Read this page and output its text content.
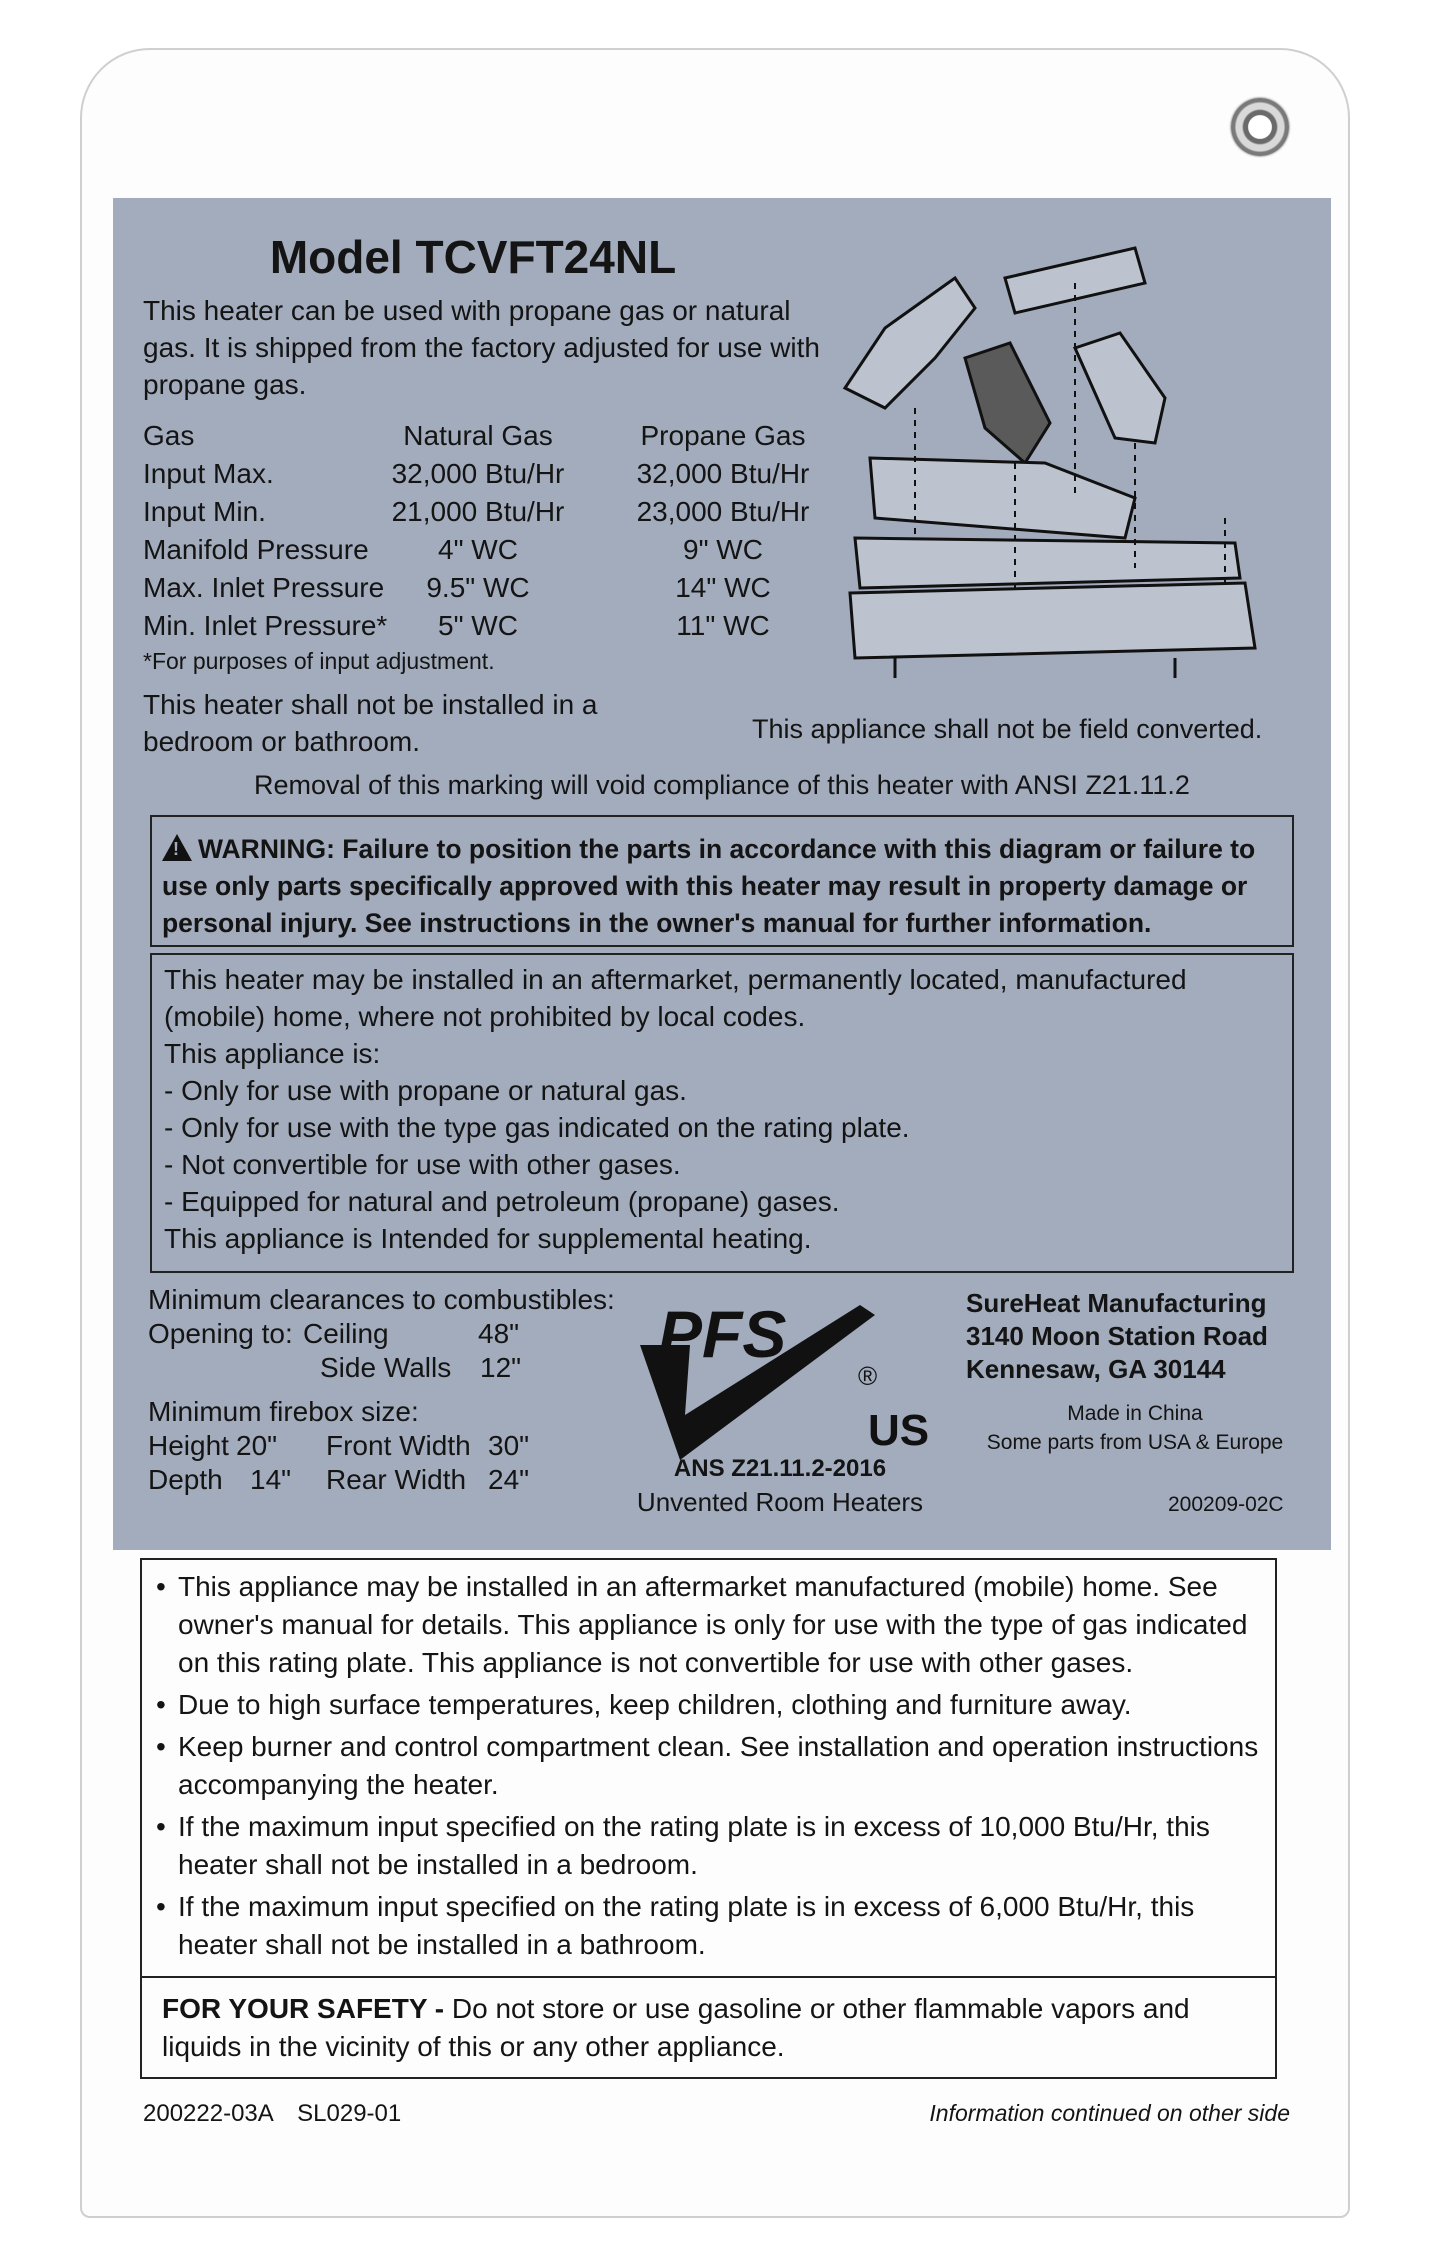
Model TCVFT24NL
This heater can be used with propane gas or natural gas. It is shipped from the factory adjusted for use with propane gas.
Gas	Natural Gas	Propane Gas
Input Max.	32,000 Btu/Hr	32,000 Btu/Hr
Input Min.	21,000 Btu/Hr	23,000 Btu/Hr
Manifold Pressure	4" WC	9" WC
Max. Inlet Pressure	9.5" WC	14" WC
Min. Inlet Pressure*	5" WC	11" WC
*For purposes of input adjustment.
This heater shall not be installed in a bedroom or bathroom.	This appliance shall not be field converted.
Removal of this marking will void compliance of this heater with ANSI Z21.11.2
!WARNING: Failure to position the parts in accordance with this diagram or failure to use only parts specifically approved with this heater may result in property damage or personal injury. See instructions in the owner's manual for further information.
This heater may be installed in an aftermarket, permanently located, manufactured
(mobile) home, where not prohibited by local codes.
This appliance is:
- Only for use with propane or natural gas.
- Only for use with the type gas indicated on the rating plate.
- Not convertible for use with other gases.
- Equipped for natural and petroleum (propane) gases.
This appliance is Intended for supplemental heating.
Minimum clearances to combustibles:
Opening to: Ceiling	48"
Side Walls 12"
Minimum firebox size:
Height 20" Front Width 30"
Depth 14" Rear Width 24"
PFS
®
US
ANS Z21.11.2-2016
Unvented Room Heaters
SureHeat Manufacturing
3140 Moon Station Road
Kennesaw, GA 30144
Made in China
Some parts from USA & Europe
200209-02C
• This appliance may be installed in an aftermarket manufactured (mobile) home. See owner's manual for details. This appliance is only for use with the type of gas indicated on this rating plate. This appliance is not convertible for use with other gases.
• Due to high surface temperatures, keep children, clothing and furniture away.
• Keep burner and control compartment clean. See installation and operation instructions accompanying the heater.
• If the maximum input specified on the rating plate is in excess of 10,000 Btu/Hr, this heater shall not be installed in a bedroom.
• If the maximum input specified on the rating plate is in excess of 6,000 Btu/Hr, this heater shall not be installed in a bathroom.
FOR YOUR SAFETY - Do not store or use gasoline or other flammable vapors and liquids in the vicinity of this or any other appliance.
200222-03A SL029-01	Information continued on other side
